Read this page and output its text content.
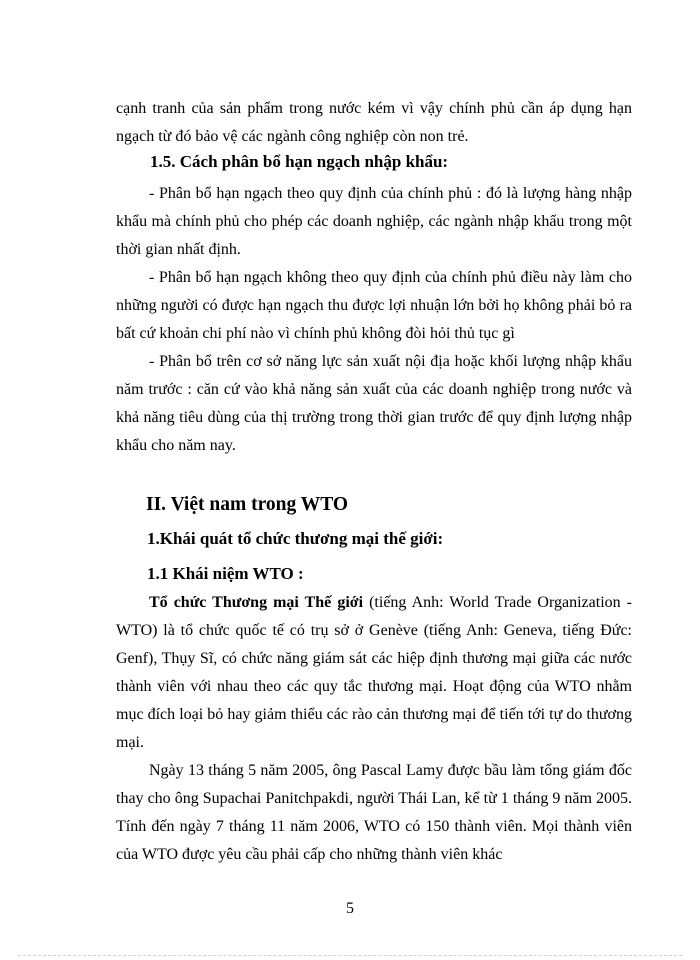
cạnh tranh của sản phẩm trong nước kém vì vậy chính phủ cần áp dụng hạn ngạch từ đó bảo vệ các ngành công nghiệp còn non trẻ.
1.5. Cách phân bổ hạn ngạch nhập khẩu:
- Phân bổ hạn ngạch theo quy định của chính phủ : đó là lượng hàng nhập khẩu mà chính phủ cho phép các doanh nghiệp, các ngành nhập khẩu trong một thời gian nhất định.
- Phân bổ hạn ngạch không theo quy định của chính phủ điều này làm cho những người có được hạn ngạch thu được lợi nhuận lớn bởi họ không phải bỏ ra bất cứ khoản chi phí nào vì chính phủ không đòi hỏi thủ tục gì
- Phân bổ trên cơ sở năng lực sản xuất nội địa hoặc khối lượng nhập khẩu năm trước : căn cứ vào khả năng sản xuất của các doanh nghiệp trong nước và khả năng tiêu dùng của thị trường trong thời gian trước để quy định lượng nhập khẩu cho năm nay.
II. Việt nam trong WTO
1.Khái quát tổ chức thương mại thế giới:
1.1 Khái niệm WTO :
Tổ chức Thương mại Thế giới (tiếng Anh: World Trade Organization - WTO) là tổ chức quốc tế có trụ sở ở Genève (tiếng Anh: Geneva, tiếng Đức: Genf), Thụy Sĩ, có chức năng giám sát các hiệp định thương mại giữa các nước thành viên với nhau theo các quy tắc thương mại. Hoạt động của WTO nhằm mục đích loại bỏ hay giảm thiểu các rào cản thương mại để tiến tới tự do thương mại.
Ngày 13 tháng 5 năm 2005, ông Pascal Lamy được bầu làm tổng giám đốc thay cho ông Supachai Panitchpakdi, người Thái Lan, kể từ 1 tháng 9 năm 2005. Tính đến ngày 7 tháng 11 năm 2006, WTO có 150 thành viên. Mọi thành viên của WTO được yêu cầu phải cấp cho những thành viên khác
5
